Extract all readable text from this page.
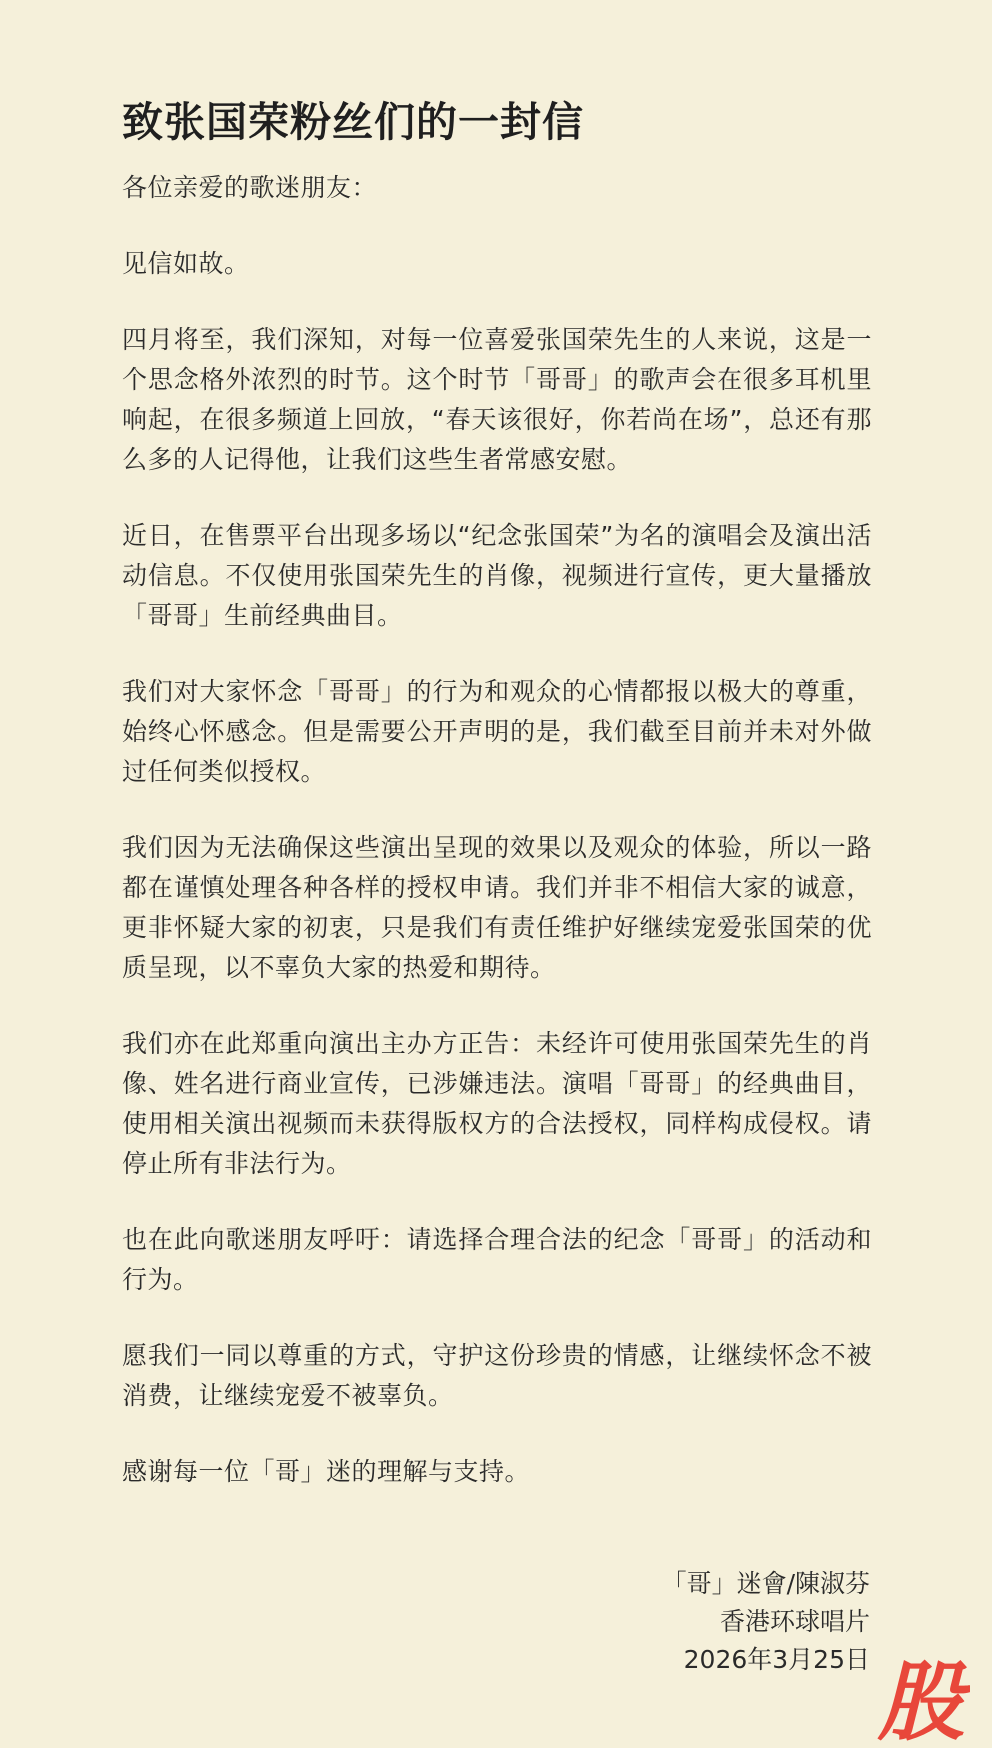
致张国荣粉丝们的一封信

各位亲爱的歌迷朋友：

见信如故。

四月将至，我们深知，对每一位喜爱张国荣先生的人来说，这是一个思念格外浓烈的时节。这个时节「哥哥」的歌声会在很多耳机里响起，在很多频道上回放，“春天该很好，你若尚在场”，总还有那么多的人记得他，让我们这些生者常感安慰。

近日，在售票平台出现多场以“纪念张国荣”为名的演唱会及演出活动信息。不仅使用张国荣先生的肖像，视频进行宣传，更大量播放「哥哥」生前经典曲目。

我们对大家怀念「哥哥」的行为和观众的心情都报以极大的尊重，始终心怀感念。但是需要公开声明的是，我们截至目前并未对外做过任何类似授权。

我们因为无法确保这些演出呈现的效果以及观众的体验，所以一路都在谨慎处理各种各样的授权申请。我们并非不相信大家的诚意，更非怀疑大家的初衷，只是我们有责任维护好继续宠爱张国荣的优质呈现，以不辜负大家的热爱和期待。

我们亦在此郑重向演出主办方正告：未经许可使用张国荣先生的肖像、姓名进行商业宣传，已涉嫌违法。演唱「哥哥」的经典曲目，使用相关演出视频而未获得版权方的合法授权，同样构成侵权。请停止所有非法行为。

也在此向歌迷朋友呼吁：请选择合理合法的纪念「哥哥」的活动和行为。

愿我们一同以尊重的方式，守护这份珍贵的情感，让继续怀念不被消费，让继续宠爱不被辜负。

感谢每一位「哥」迷的理解与支持。

「哥」迷會/陳淑芬
香港环球唱片
2026年3月25日 股
